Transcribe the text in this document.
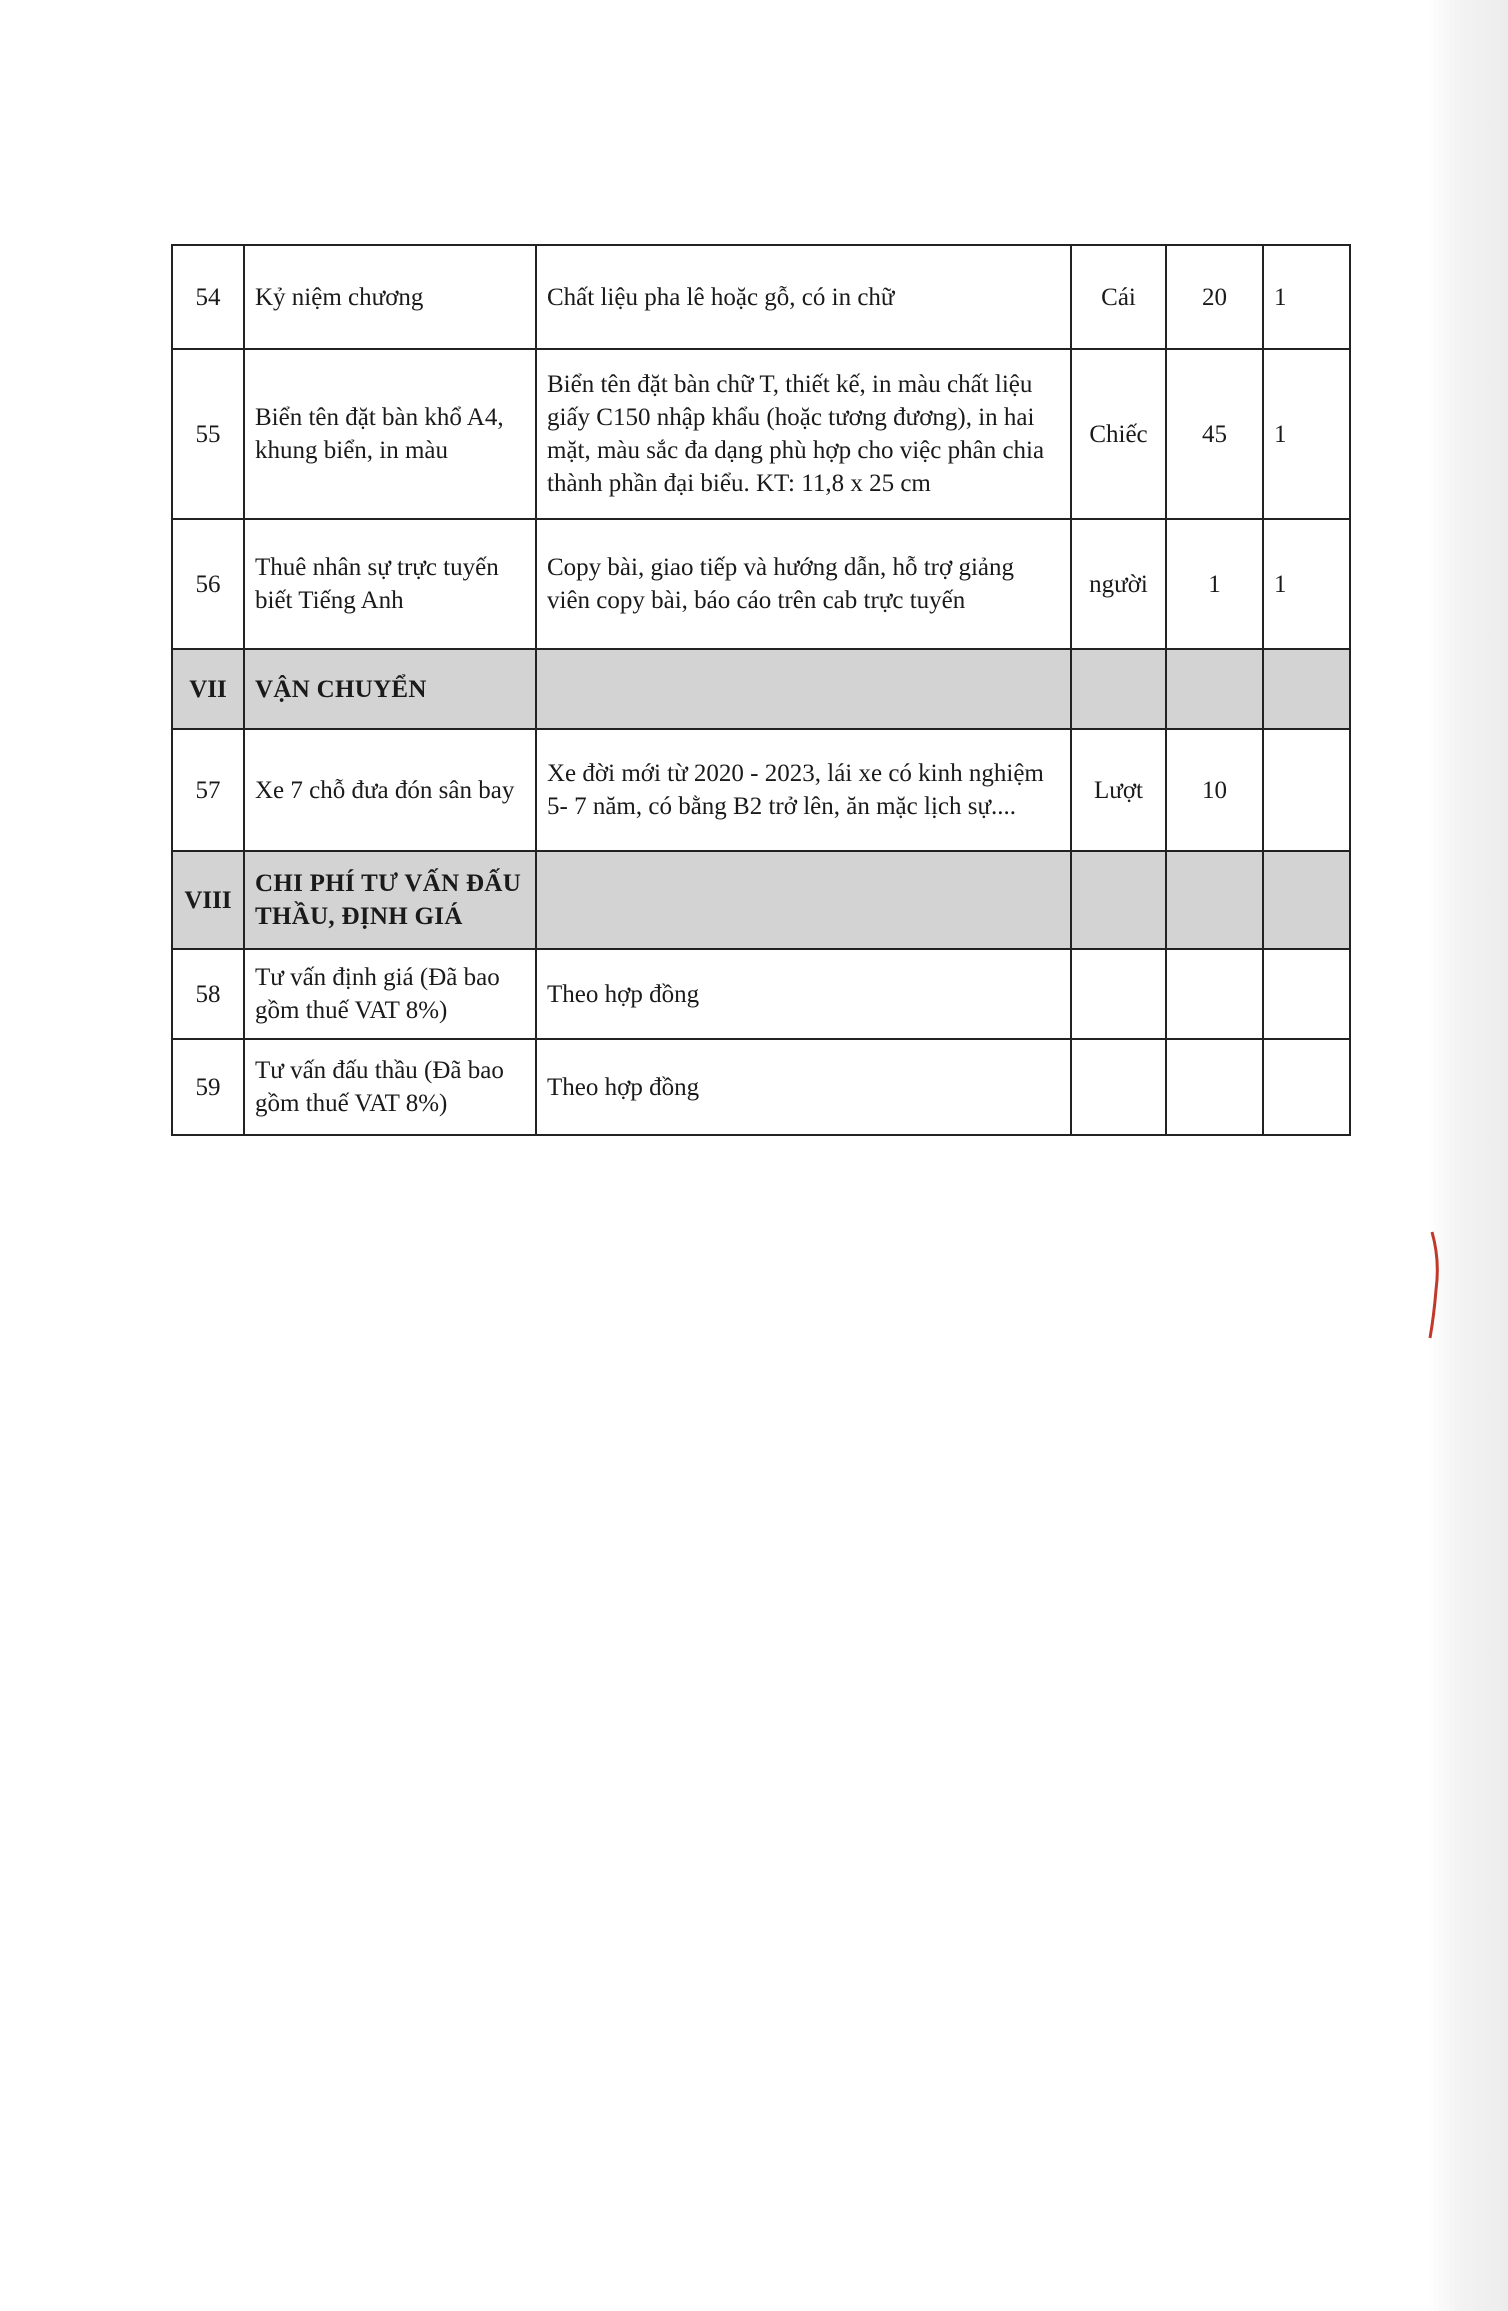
54	Kỷ niệm chương	Chất liệu pha lê hoặc gỗ, có in chữ	Cái	20	1
55	Biển tên đặt bàn khổ A4, khung biển, in màu	Biển tên đặt bàn chữ T, thiết kế, in màu chất liệu giấy C150 nhập khẩu (hoặc tương đương), in hai mặt, màu sắc đa dạng phù hợp cho việc phân chia thành phần đại biểu. KT: 11,8 x 25 cm	Chiếc	45	1
56	Thuê nhân sự trực tuyến biết Tiếng Anh	Copy bài, giao tiếp và hướng dẫn, hỗ trợ giảng viên copy bài, báo cáo trên cab trực tuyến	người	1	1
VII	VẬN CHUYỂN				
57	Xe 7 chỗ đưa đón sân bay	Xe đời mới từ 2020 - 2023, lái xe có kinh nghiệm 5- 7 năm, có bằng B2 trở lên, ăn mặc lịch sự....	Lượt	10	
VIII	CHI PHÍ TƯ VẤN ĐẤU THẦU, ĐỊNH GIÁ				
58	Tư vấn định giá (Đã bao gồm thuế VAT 8%)	Theo hợp đồng			
59	Tư vấn đấu thầu (Đã bao gồm thuế VAT 8%)	Theo hợp đồng			
